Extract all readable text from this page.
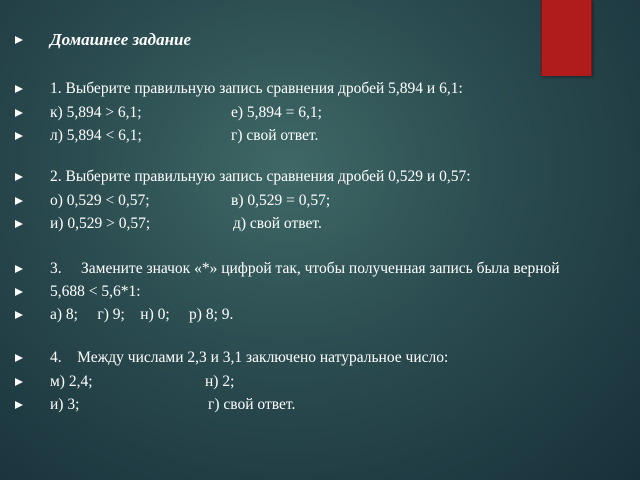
Домашнее задание
1. Выберите правильную запись сравнения дробей 5,894 и 6,1:
к) 5,894 > 6,1;	е) 5,894 = 6,1;
л) 5,894 < 6,1;	г) свой ответ.
2. Выберите правильную запись сравнения дробей 0,529 и 0,57:
о) 0,529 < 0,57;	в) 0,529 = 0,57;
и) 0,529 > 0,57;	д) свой ответ.
3.     Замените значок «*» цифрой так, чтобы полученная запись была верной
5,688 < 5,6*1:
а) 8;     г) 9;    н) 0;     р) 8; 9.
4.    Между числами 2,3 и 3,1 заключено натуральное число:
м) 2,4;	н) 2;
и) 3;	г) свой ответ.
